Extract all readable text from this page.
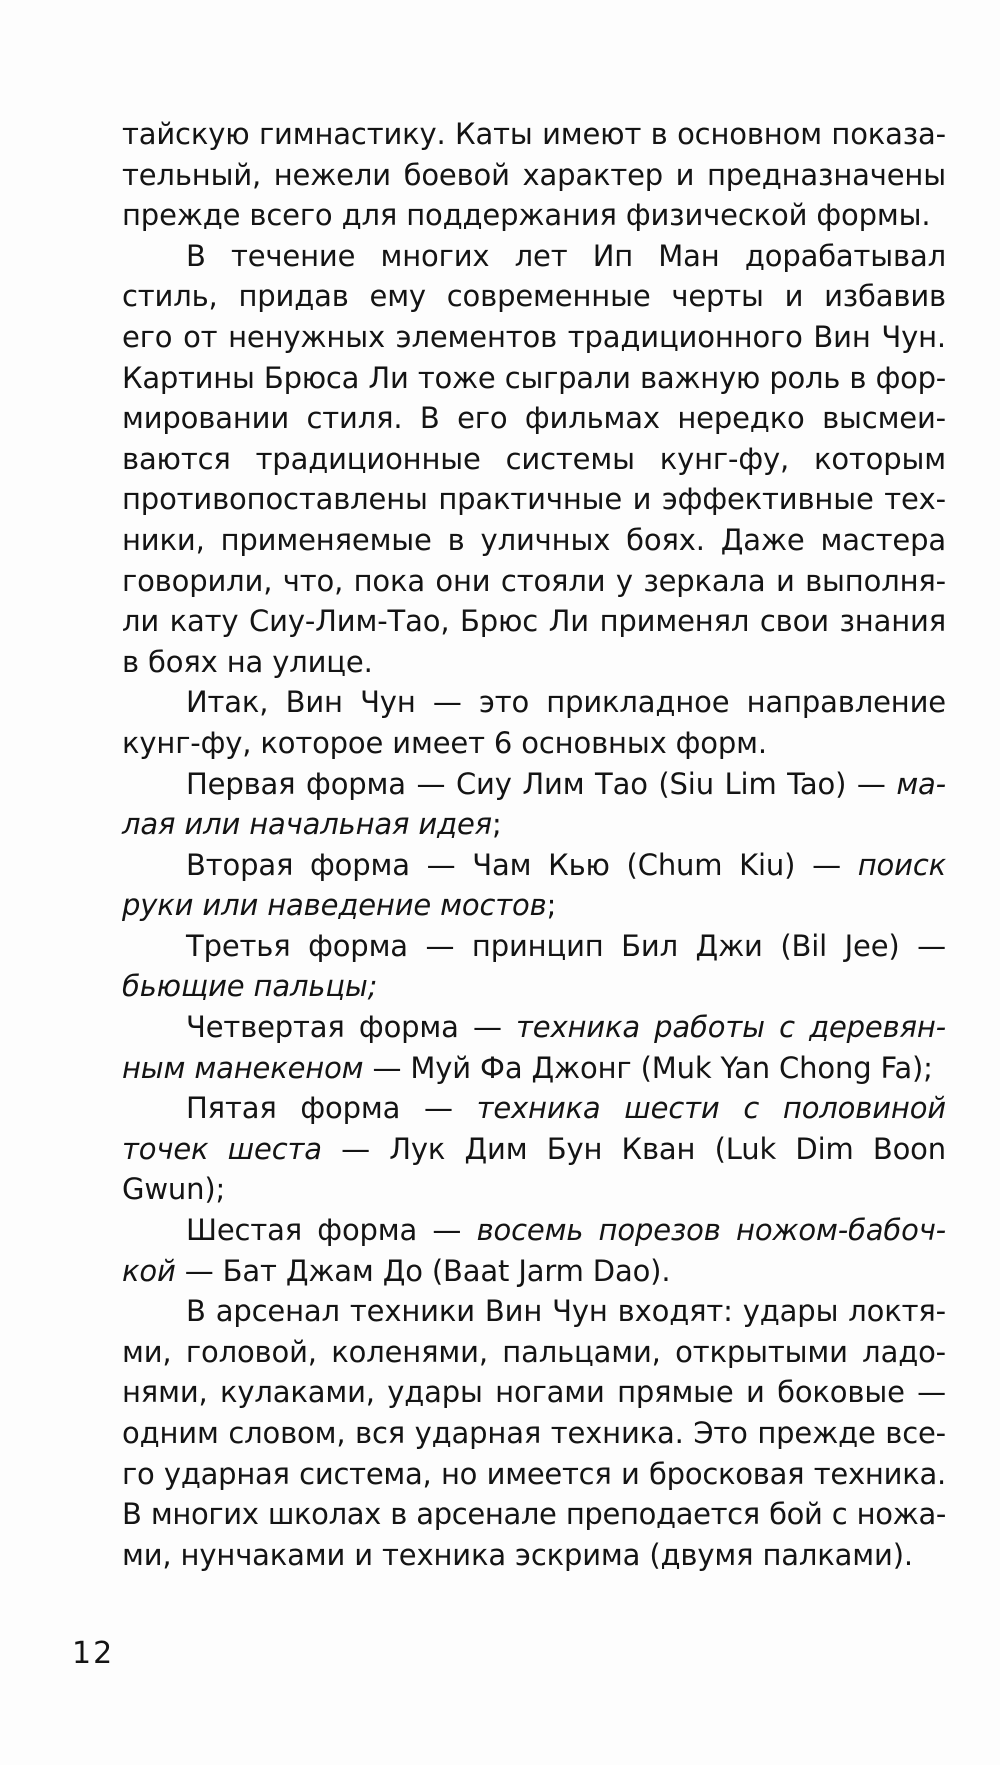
тайскую гимнастику. Каты имеют в основном показа-
тельный, нежели боевой характер и предназначены
прежде всего для поддержания физической формы.
В течение многих лет Ип Ман дорабатывал
стиль, придав ему современные черты и избавив
его от ненужных элементов традиционного Вин Чун.
Картины Брюса Ли тоже сыграли важную роль в фор-
мировании стиля. В его фильмах нередко высмеи-
ваются традиционные системы кунг-фу, которым
противопоставлены практичные и эффективные тех-
ники, применяемые в уличных боях. Даже мастера
говорили, что, пока они стояли у зеркала и выполня-
ли кату Сиу-Лим-Тао, Брюс Ли применял свои знания
в боях на улице.
Итак, Вин Чун — это прикладное направление
кунг-фу, которое имеет 6 основных форм.
Первая форма — Сиу Лим Тао (Siu Lim Tao) — ма-
лая или начальная идея;
Вторая форма — Чам Кью (Chum Kiu) — поиск
руки или наведение мостов;
Третья форма — принцип Бил Джи (Bil Jee) —
бьющие пальцы;
Четвертая форма — техника работы с деревян-
ным манекеном — Муй Фа Джонг (Muk Yan Chong Fa);
Пятая форма — техника шести с половиной
точек шеста — Лук Дим Бун Кван (Luk Dim Boon
Gwun);
Шестая форма — восемь порезов ножом-бабоч-
кой — Бат Джам До (Baat Jarm Dao).
В арсенал техники Вин Чун входят: удары локтя-
ми, головой, коленями, пальцами, открытыми ладо-
нями, кулаками, удары ногами прямые и боковые —
одним словом, вся ударная техника. Это прежде все-
го ударная система, но имеется и бросковая техника.
В многих школах в арсенале преподается бой с ножа-
ми, нунчаками и техника эскрима (двумя палками).
12
